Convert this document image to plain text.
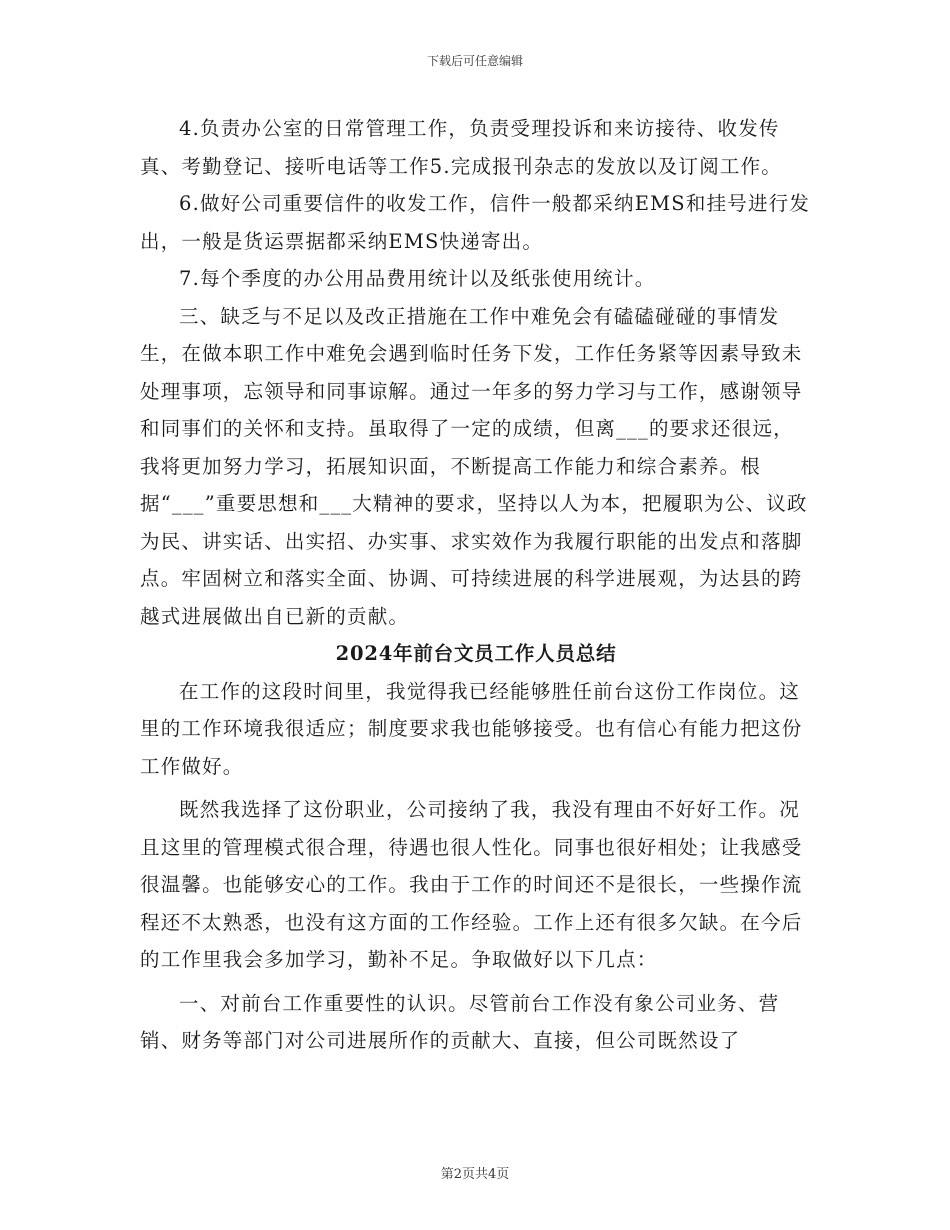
下载后可任意编辑

4.负责办公室的日常管理工作，负责受理投诉和来访接待、收发传真、考勤登记、接听电话等工作5.完成报刊杂志的发放以及订阅工作。

6.做好公司重要信件的收发工作，信件一般都采纳EMS和挂号进行发出，一般是货运票据都采纳EMS快递寄出。

7.每个季度的办公用品费用统计以及纸张使用统计。

三、缺乏与不足以及改正措施在工作中难免会有磕磕碰碰的事情发生，在做本职工作中难免会遇到临时任务下发，工作任务紧等因素导致未处理事项，忘领导和同事谅解。通过一年多的努力学习与工作，感谢领导和同事们的关怀和支持。虽取得了一定的成绩，但离___的要求还很远，我将更加努力学习，拓展知识面，不断提高工作能力和综合素养。根据“___”重要思想和___大精神的要求，坚持以人为本，把履职为公、议政为民、讲实话、出实招、办实事、求实效作为我履行职能的出发点和落脚点。牢固树立和落实全面、协调、可持续进展的科学进展观，为达县的跨越式进展做出自已新的贡献。

2024年前台文员工作人员总结

在工作的这段时间里，我觉得我已经能够胜任前台这份工作岗位。这里的工作环境我很适应；制度要求我也能够接受。也有信心有能力把这份工作做好。

既然我选择了这份职业，公司接纳了我，我没有理由不好好工作。况且这里的管理模式很合理，待遇也很人性化。同事也很好相处；让我感受很温馨。也能够安心的工作。我由于工作的时间还不是很长，一些操作流程还不太熟悉，也没有这方面的工作经验。工作上还有很多欠缺。在今后的工作里我会多加学习，勤补不足。争取做好以下几点：

一、对前台工作重要性的认识。尽管前台工作没有象公司业务、营销、财务等部门对公司进展所作的贡献大、直接，但公司既然设了

第2页共4页
